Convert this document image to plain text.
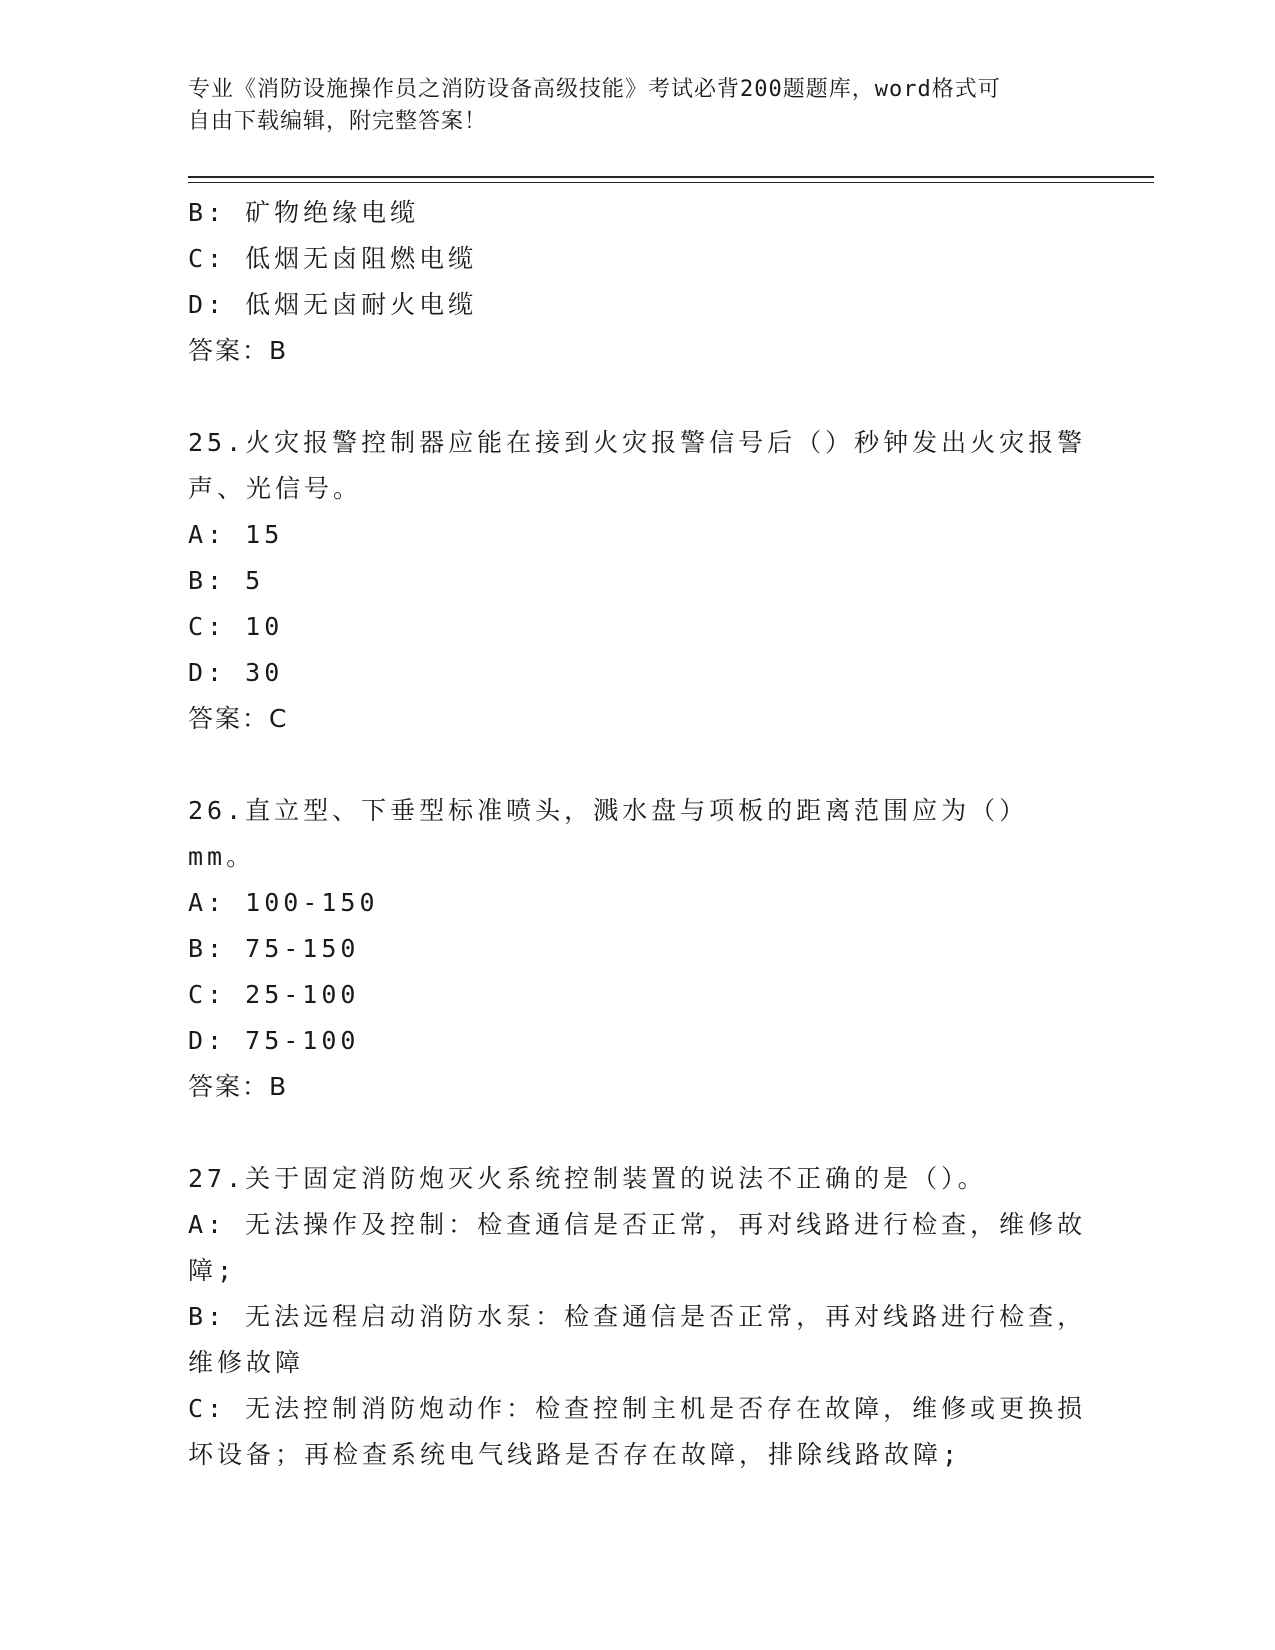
专业《消防设施操作员之消防设备高级技能》考试必背200题题库，word格式可
自由下载编辑，附完整答案！
B: 矿物绝缘电缆
C: 低烟无卤阻燃电缆
D: 低烟无卤耐火电缆
答案：B
25.火灾报警控制器应能在接到火灾报警信号后（）秒钟发出火灾报警
声、光信号。
A: 15
B: 5
C: 10
D: 30
答案：C
26.直立型、下垂型标准喷头，溅水盘与项板的距离范围应为（）mm。
A: 100-150
B: 75-150
C: 25-100
D: 75-100
答案：B
27.关于固定消防炮灭火系统控制装置的说法不正确的是（）。
A: 无法操作及控制：检查通信是否正常，再对线路进行检查，维修故
障;
B: 无法远程启动消防水泵：检查通信是否正常，再对线路进行检查，
维修故障
C: 无法控制消防炮动作：检查控制主机是否存在故障，维修或更换损
坏设备；再检查系统电气线路是否存在故障，排除线路故障;
